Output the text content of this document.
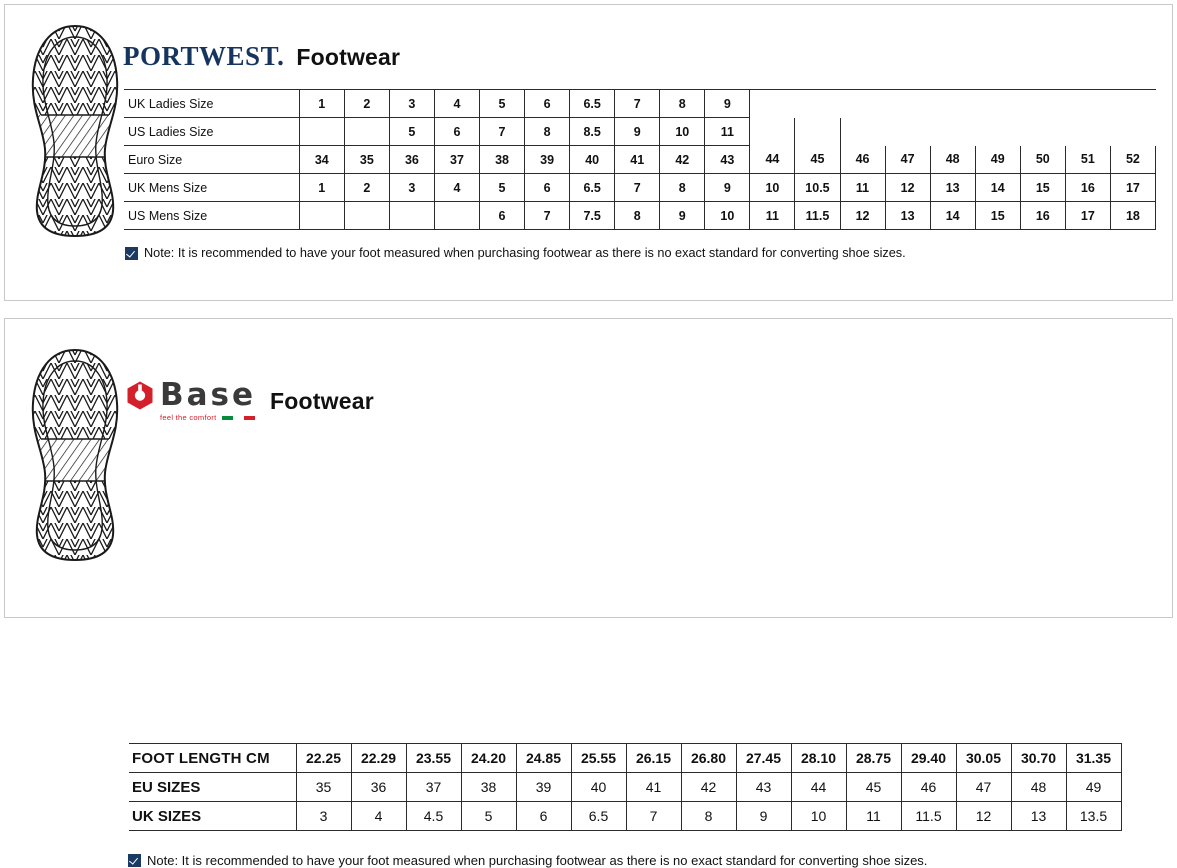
PORTWEST. Footwear
UK Ladies Size	1	2	3	4	5	6	6.5	7	8	9									
US Ladies Size			5	6	7	8	8.5	9	10	11									
Euro Size	34	35	36	37	38	39	40	41	42	43	44	45	46	47	48	49	50	51	52
UK Mens Size	1	2	3	4	5	6	6.5	7	8	9	10	10.5	11	12	13	14	15	16	17
US Mens Size					6	7	7.5	8	9	10	11	11.5	12	13	14	15	16	17	18
Note: It is recommended to have your foot measured when purchasing footwear as there is no exact standard for converting shoe sizes.
Base
feel the comfort
Footwear
FOOT LENGTH CM	22.25	22.29	23.55	24.20	24.85	25.55	26.15	26.80	27.45	28.10	28.75	29.40	30.05	30.70	31.35
EU SIZES	35	36	37	38	39	40	41	42	43	44	45	46	47	48	49
UK SIZES	3	4	4.5	5	6	6.5	7	8	9	10	11	11.5	12	13	13.5
Note: It is recommended to have your foot measured when purchasing footwear as there is no exact standard for converting shoe sizes.
